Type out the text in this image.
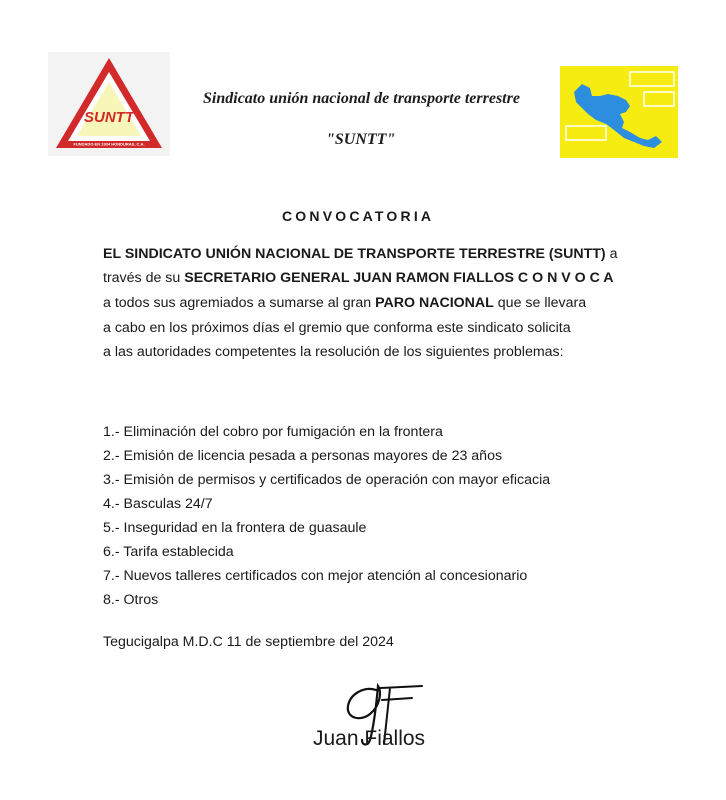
SUNTT
FUNDADO EN 1934 HONDURAS, C.A.
Sindicato unión nacional de transporte terrestre
"SUNTT"
CONVOCATORIA
EL SINDICATO UNIÓN NACIONAL DE TRANSPORTE TERRESTRE (SUNTT) a
través de su SECRETARIO GENERAL JUAN RAMON FIALLOS C O N V O C A
a todos sus agremiados a sumarse al gran PARO NACIONAL que se llevara
a cabo en los próximos días el gremio que conforma este sindicato solicita
a las autoridades competentes la resolución de los siguientes problemas:
1.- Eliminación del cobro por fumigación en la frontera
2.- Emisión de licencia pesada a personas mayores de 23 años
3.- Emisión de permisos y certificados de operación con mayor eficacia
4.- Basculas 24/7
5.- Inseguridad en la frontera de guasaule
6.- Tarifa establecida
7.- Nuevos talleres certificados con mejor atención al concesionario
8.- Otros
Tegucigalpa M.D.C 11 de septiembre del 2024
Juan Fiallos
